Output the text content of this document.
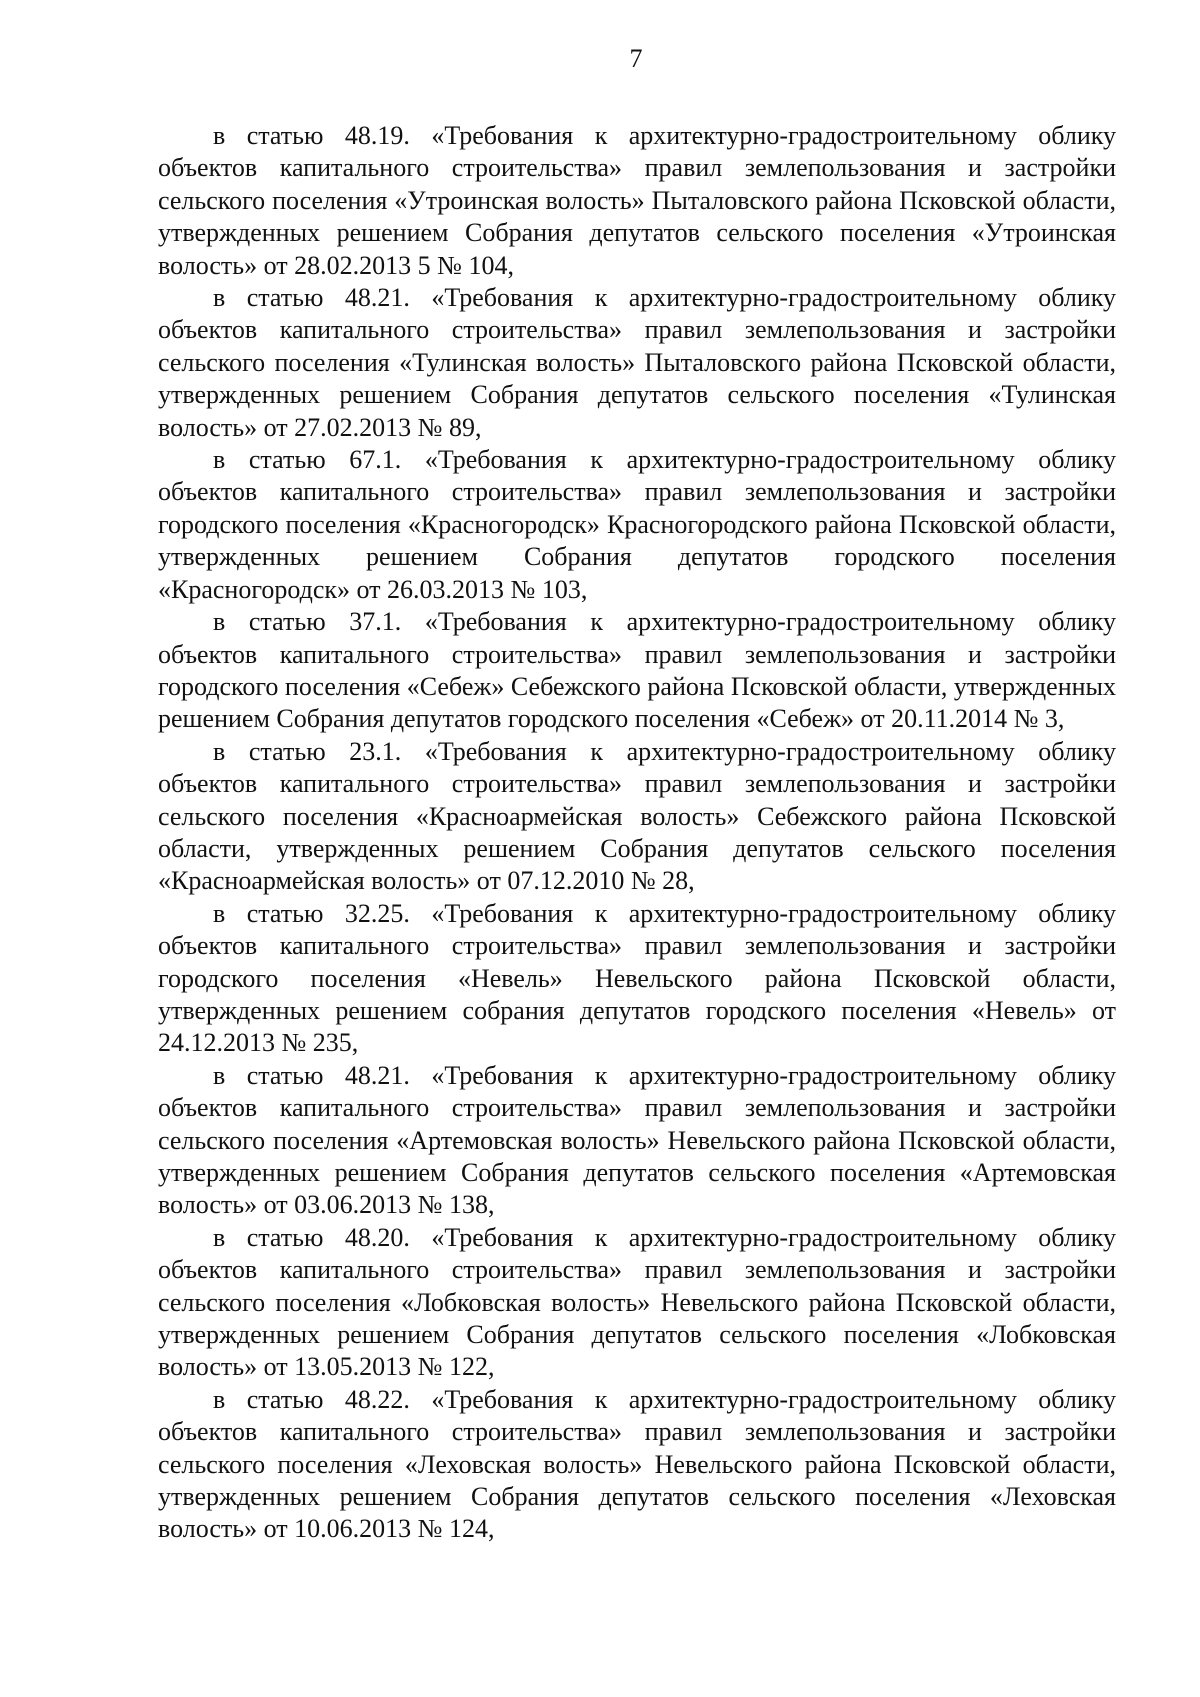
7

в статью 48.19. «Требования к архитектурно-градостроительному облику объектов капитального строительства» правил землепользования и застройки сельского поселения «Утроинская волость» Пыталовского района Псковской области, утвержденных решением Собрания депутатов сельского поселения «Утроинская волость» от 28.02.2013 5 № 104,

в статью 48.21. «Требования к архитектурно-градостроительному облику объектов капитального строительства» правил землепользования и застройки сельского поселения «Тулинская волость» Пыталовского района Псковской области, утвержденных решением Собрания депутатов сельского поселения «Тулинская волость» от 27.02.2013 № 89,

в статью 67.1. «Требования к архитектурно-градостроительному облику объектов капитального строительства» правил землепользования и застройки городского поселения «Красногородск» Красногородского района Псковской области, утвержденных решением Собрания депутатов городского поселения «Красногородск» от 26.03.2013 № 103,

в статью 37.1. «Требования к архитектурно-градостроительному облику объектов капитального строительства» правил землепользования и застройки городского поселения «Себеж» Себежского района Псковской области, утвержденных решением Собрания депутатов городского поселения «Себеж» от 20.11.2014 № 3,

в статью 23.1. «Требования к архитектурно-градостроительному облику объектов капитального строительства» правил землепользования и застройки сельского поселения «Красноармейская волость» Себежского района Псковской области, утвержденных решением Собрания депутатов сельского поселения «Красноармейская волость» от 07.12.2010 № 28,

в статью 32.25. «Требования к архитектурно-градостроительному облику объектов капитального строительства» правил землепользования и застройки городского поселения «Невель» Невельского района Псковской области, утвержденных решением собрания депутатов городского поселения «Невель» от 24.12.2013 № 235,

в статью 48.21. «Требования к архитектурно-градостроительному облику объектов капитального строительства» правил землепользования и застройки сельского поселения «Артемовская волость» Невельского района Псковской области, утвержденных решением Собрания депутатов сельского поселения «Артемовская волость» от 03.06.2013 № 138,

в статью 48.20. «Требования к архитектурно-градостроительному облику объектов капитального строительства» правил землепользования и застройки сельского поселения «Лобковская волость» Невельского района Псковской области, утвержденных решением Собрания депутатов сельского поселения «Лобковская волость» от 13.05.2013 № 122,

в статью 48.22. «Требования к архитектурно-градостроительному облику объектов капитального строительства» правил землепользования и застройки сельского поселения «Леховская волость» Невельского района Псковской области, утвержденных решением Собрания депутатов сельского поселения «Леховская волость» от 10.06.2013 № 124,
